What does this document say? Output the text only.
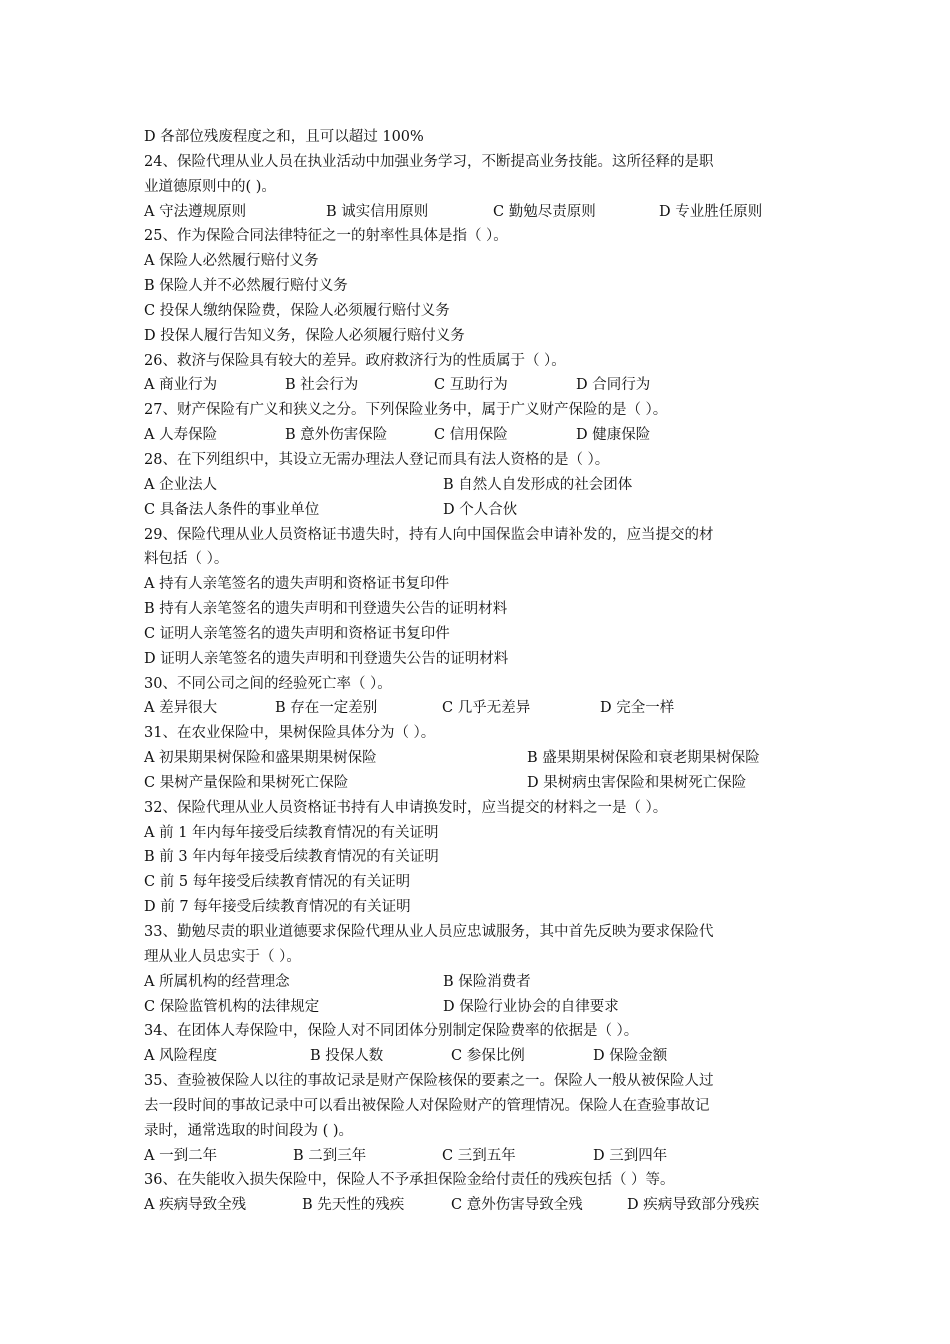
D 各部位残废程度之和，且可以超过 100%
24、保险代理从业人员在执业活动中加强业务学习，不断提高业务技能。这所径释的是职
业道德原则中的( )。
A 守法遵规原则	B 诚实信用原则	C 勤勉尽责原则	D 专业胜任原则
25、作为保险合同法律特征之一的射率性具体是指（ ）。
A 保险人必然履行赔付义务
B 保险人并不必然履行赔付义务
C 投保人缴纳保险费，保险人必须履行赔付义务
D 投保人履行告知义务，保险人必须履行赔付义务
26、救济与保险具有较大的差异。政府救济行为的性质属于（ ）。
A 商业行为	B 社会行为	C 互助行为	D 合同行为
27、财产保险有广义和狭义之分。下列保险业务中，属于广义财产保险的是（ ）。
A 人寿保险	B 意外伤害保险	C 信用保险	D 健康保险
28、在下列组织中，其设立无需办理法人登记而具有法人资格的是（ ）。
A 企业法人	B 自然人自发形成的社会团体
C 具备法人条件的事业单位	D 个人合伙
29、保险代理从业人员资格证书遗失时，持有人向中国保监会申请补发的，应当提交的材
料包括（ ）。
A 持有人亲笔签名的遗失声明和资格证书复印件
B 持有人亲笔签名的遗失声明和刊登遗失公告的证明材料
C 证明人亲笔签名的遗失声明和资格证书复印件
D 证明人亲笔签名的遗失声明和刊登遗失公告的证明材料
30、不同公司之间的经验死亡率（ ）。
A 差异很大	B 存在一定差别	C 几乎无差异	D 完全一样
31、在农业保险中，果树保险具体分为（ ）。
A 初果期果树保险和盛果期果树保险	B 盛果期果树保险和衰老期果树保险
C 果树产量保险和果树死亡保险	D 果树病虫害保险和果树死亡保险
32、保险代理从业人员资格证书持有人申请换发时，应当提交的材料之一是（ ）。
A 前 1 年内每年接受后续教育情况的有关证明
B 前 3 年内每年接受后续教育情况的有关证明
C 前 5 每年接受后续教育情况的有关证明
D 前 7 每年接受后续教育情况的有关证明
33、勤勉尽责的职业道德要求保险代理从业人员应忠诚服务，其中首先反映为要求保险代
理从业人员忠实于（ ）。
A 所属机构的经营理念	B 保险消费者
C 保险监管机构的法律规定	D 保险行业协会的自律要求
34、在团体人寿保险中，保险人对不同团体分别制定保险费率的依据是（ ）。
A 风险程度	B 投保人数	C 参保比例	D 保险金额
35、查验被保险人以往的事故记录是财产保险核保的要素之一。保险人一般从被保险人过
去一段时间的事故记录中可以看出被保险人对保险财产的管理情况。保险人在查验事故记
录时，通常选取的时间段为 ( )。
A 一到二年	B 二到三年	C 三到五年	D 三到四年
36、在失能收入损失保险中，保险人不予承担保险金给付责任的残疾包括（ ）等。
A 疾病导致全残	B 先天性的残疾	C 意外伤害导致全残	D 疾病导致部分残疾
